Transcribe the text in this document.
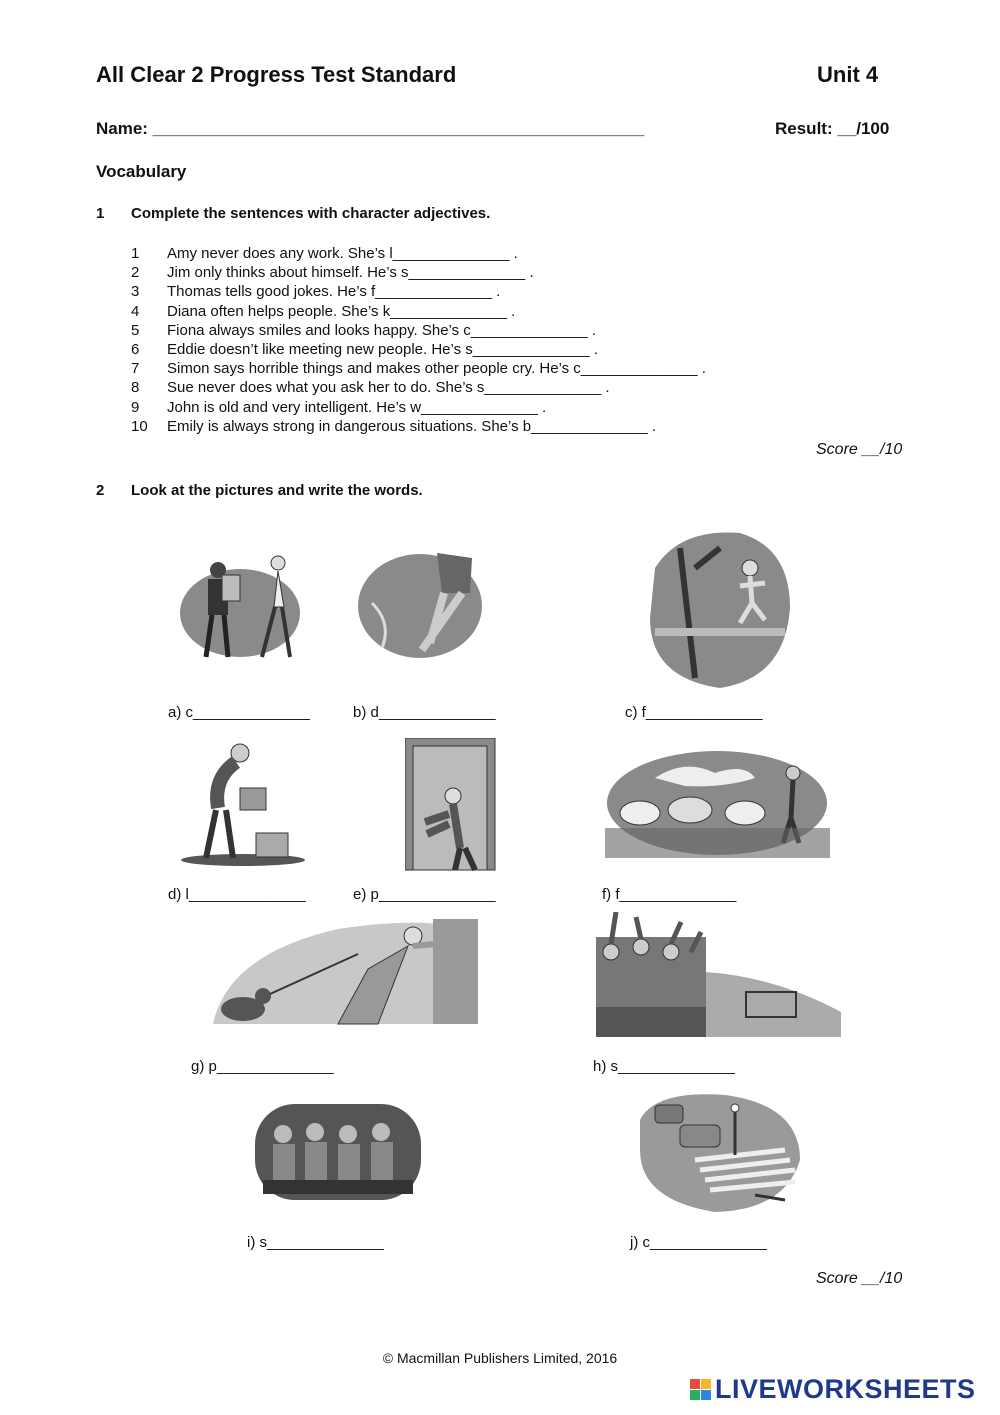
All Clear 2 Progress Test Standard	Unit 4
Name: ____________________________________________________	Result: __/100
Vocabulary
1 Complete the sentences with character adjectives.
1 Amy never does any work. She’s l______________ .
2 Jim only thinks about himself. He’s s______________ .
3 Thomas tells good jokes. He’s f______________ .
4 Diana often helps people. She’s k______________ .
5 Fiona always smiles and looks happy. She’s c______________ .
6 Eddie doesn’t like meeting new people. He’s s______________ .
7 Simon says horrible things and makes other people cry. He’s c______________ .
8 Sue never does what you ask her to do. She’s s______________ .
9 John is old and very intelligent. He’s w______________ .
10 Emily is always strong in dangerous situations. She’s b______________ .
Score __/10
2 Look at the pictures and write the words.
a) c______________	b) d______________	c) f______________
d) l______________	e) p______________	f) f______________
g) p______________	h) s______________
i) s______________	j) c______________
Score __/10
© Macmillan Publishers Limited, 2016
LIVEWORKSHEETS
